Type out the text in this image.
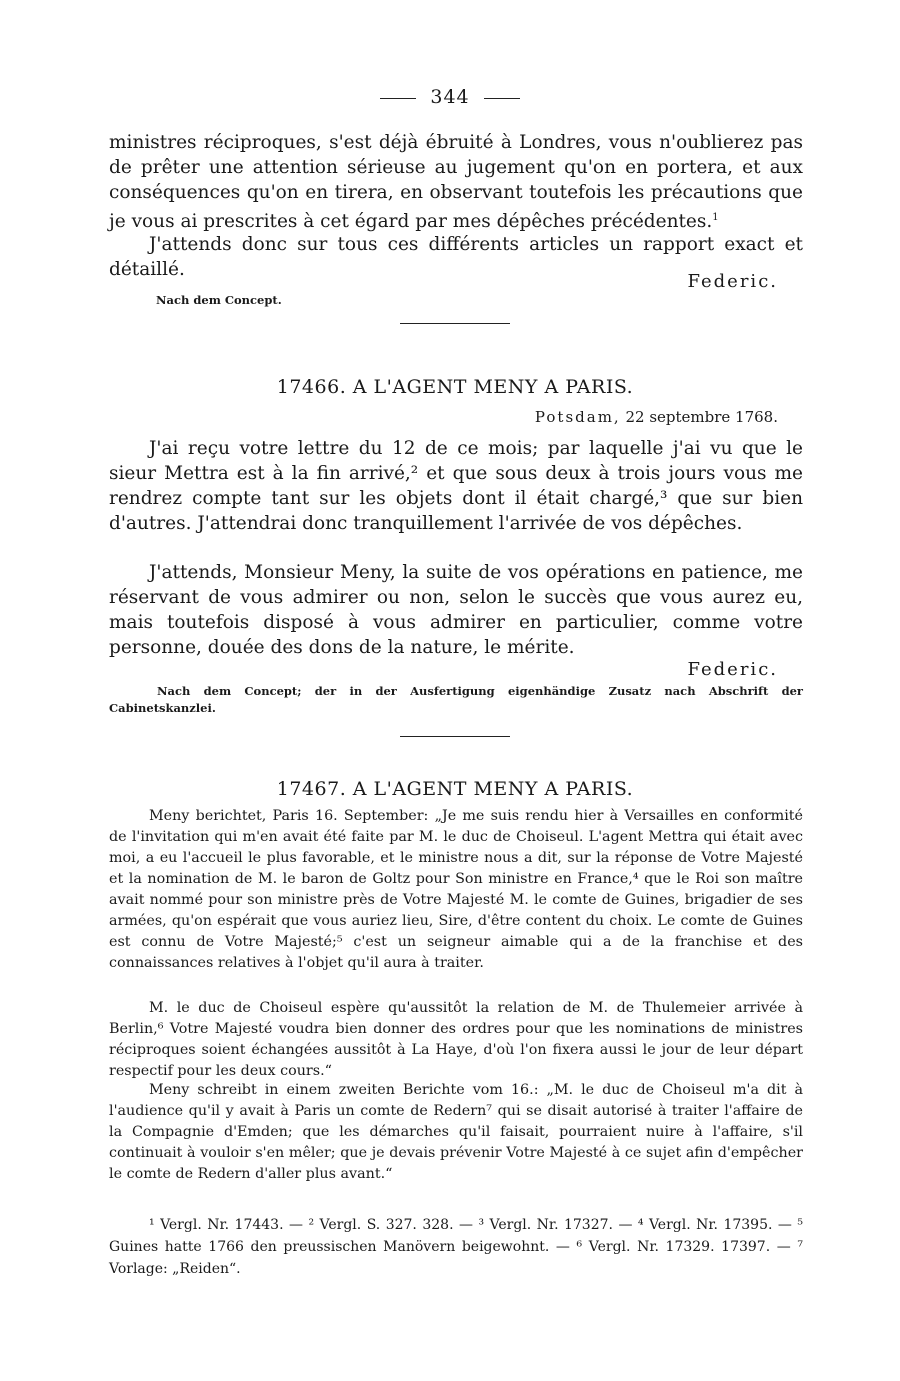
344
ministres réciproques, s'est déjà ébruité à Londres, vous n'oublierez pas de prêter une attention sérieuse au jugement qu'on en portera, et aux conséquences qu'on en tirera, en observant toutefois les précautions que je vous ai prescrites à cet égard par mes dépêches précédentes.$^1$
J'attends donc sur tous ces différents articles un rapport exact et détaillé.
Federic.
Nach dem Concept.
17466. A L'AGENT MENY A PARIS.
Potsdam, 22 septembre 1768.
J'ai reçu votre lettre du 12 de ce mois; par laquelle j'ai vu que le sieur Mettra est à la fin arrivé,² et que sous deux à trois jours vous me rendrez compte tant sur les objets dont il était chargé,³ que sur bien d'autres. J'attendrai donc tranquillement l'arrivée de vos dépêches.
J'attends, Monsieur Meny, la suite de vos opérations en patience, me réservant de vous admirer ou non, selon le succès que vous aurez eu, mais toutefois disposé à vous admirer en particulier, comme votre personne, douée des dons de la nature, le mérite.
Federic.
Nach dem Concept; der in der Ausfertigung eigenhändige Zusatz nach Abschrift der Cabinetskanzlei.
17467. A L'AGENT MENY A PARIS.
Meny berichtet, Paris 16. September: „Je me suis rendu hier à Versailles en conformité de l'invitation qui m'en avait été faite par M. le duc de Choiseul. L'agent Mettra qui était avec moi, a eu l'accueil le plus favorable, et le ministre nous a dit, sur la réponse de Votre Majesté et la nomination de M. le baron de Goltz pour Son ministre en France,⁴ que le Roi son maître avait nommé pour son ministre près de Votre Majesté M. le comte de Guines, brigadier de ses armées, qu'on espérait que vous auriez lieu, Sire, d'être content du choix. Le comte de Guines est connu de Votre Majesté;⁵ c'est un seigneur aimable qui a de la franchise et des connaissances relatives à l'objet qu'il aura à traiter.
M. le duc de Choiseul espère qu'aussitôt la relation de M. de Thulemeier arrivée à Berlin,⁶ Votre Majesté voudra bien donner des ordres pour que les nominations de ministres réciproques soient échangées aussitôt à La Haye, d'où l'on fixera aussi le jour de leur départ respectif pour les deux cours.“
Meny schreibt in einem zweiten Berichte vom 16.: „M. le duc de Choiseul m'a dit à l'audience qu'il y avait à Paris un comte de Redern⁷ qui se disait autorisé à traiter l'affaire de la Compagnie d'Emden; que les démarches qu'il faisait, pourraient nuire à l'affaire, s'il continuait à vouloir s'en mêler; que je devais prévenir Votre Majesté à ce sujet afin d'empêcher le comte de Redern d'aller plus avant.“
¹ Vergl. Nr. 17443. — ² Vergl. S. 327. 328. — ³ Vergl. Nr. 17327. — ⁴ Vergl. Nr. 17395. — ⁵ Guines hatte 1766 den preussischen Manövern beigewohnt. — ⁶ Vergl. Nr. 17329. 17397. — ⁷ Vorlage: „Reiden“.
